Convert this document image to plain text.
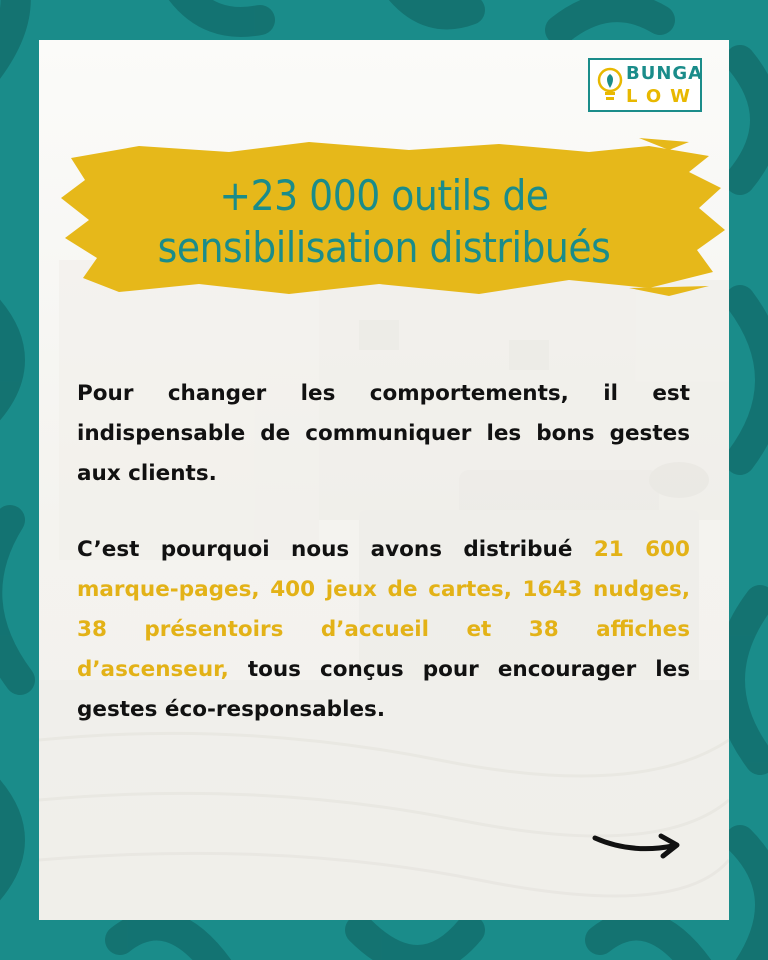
BUNGA
LOW
+23 000 outils de
sensibilisation distribués
Pour changer les comportements, il est indispensable de communiquer les bons gestes aux clients.
C’est pourquoi nous avons distribué 21 600 marque-pages, 400 jeux de cartes, 1643 nudges, 38 présentoirs d’accueil et 38 affiches d’ascenseur, tous conçus pour encourager les gestes éco-responsables.
